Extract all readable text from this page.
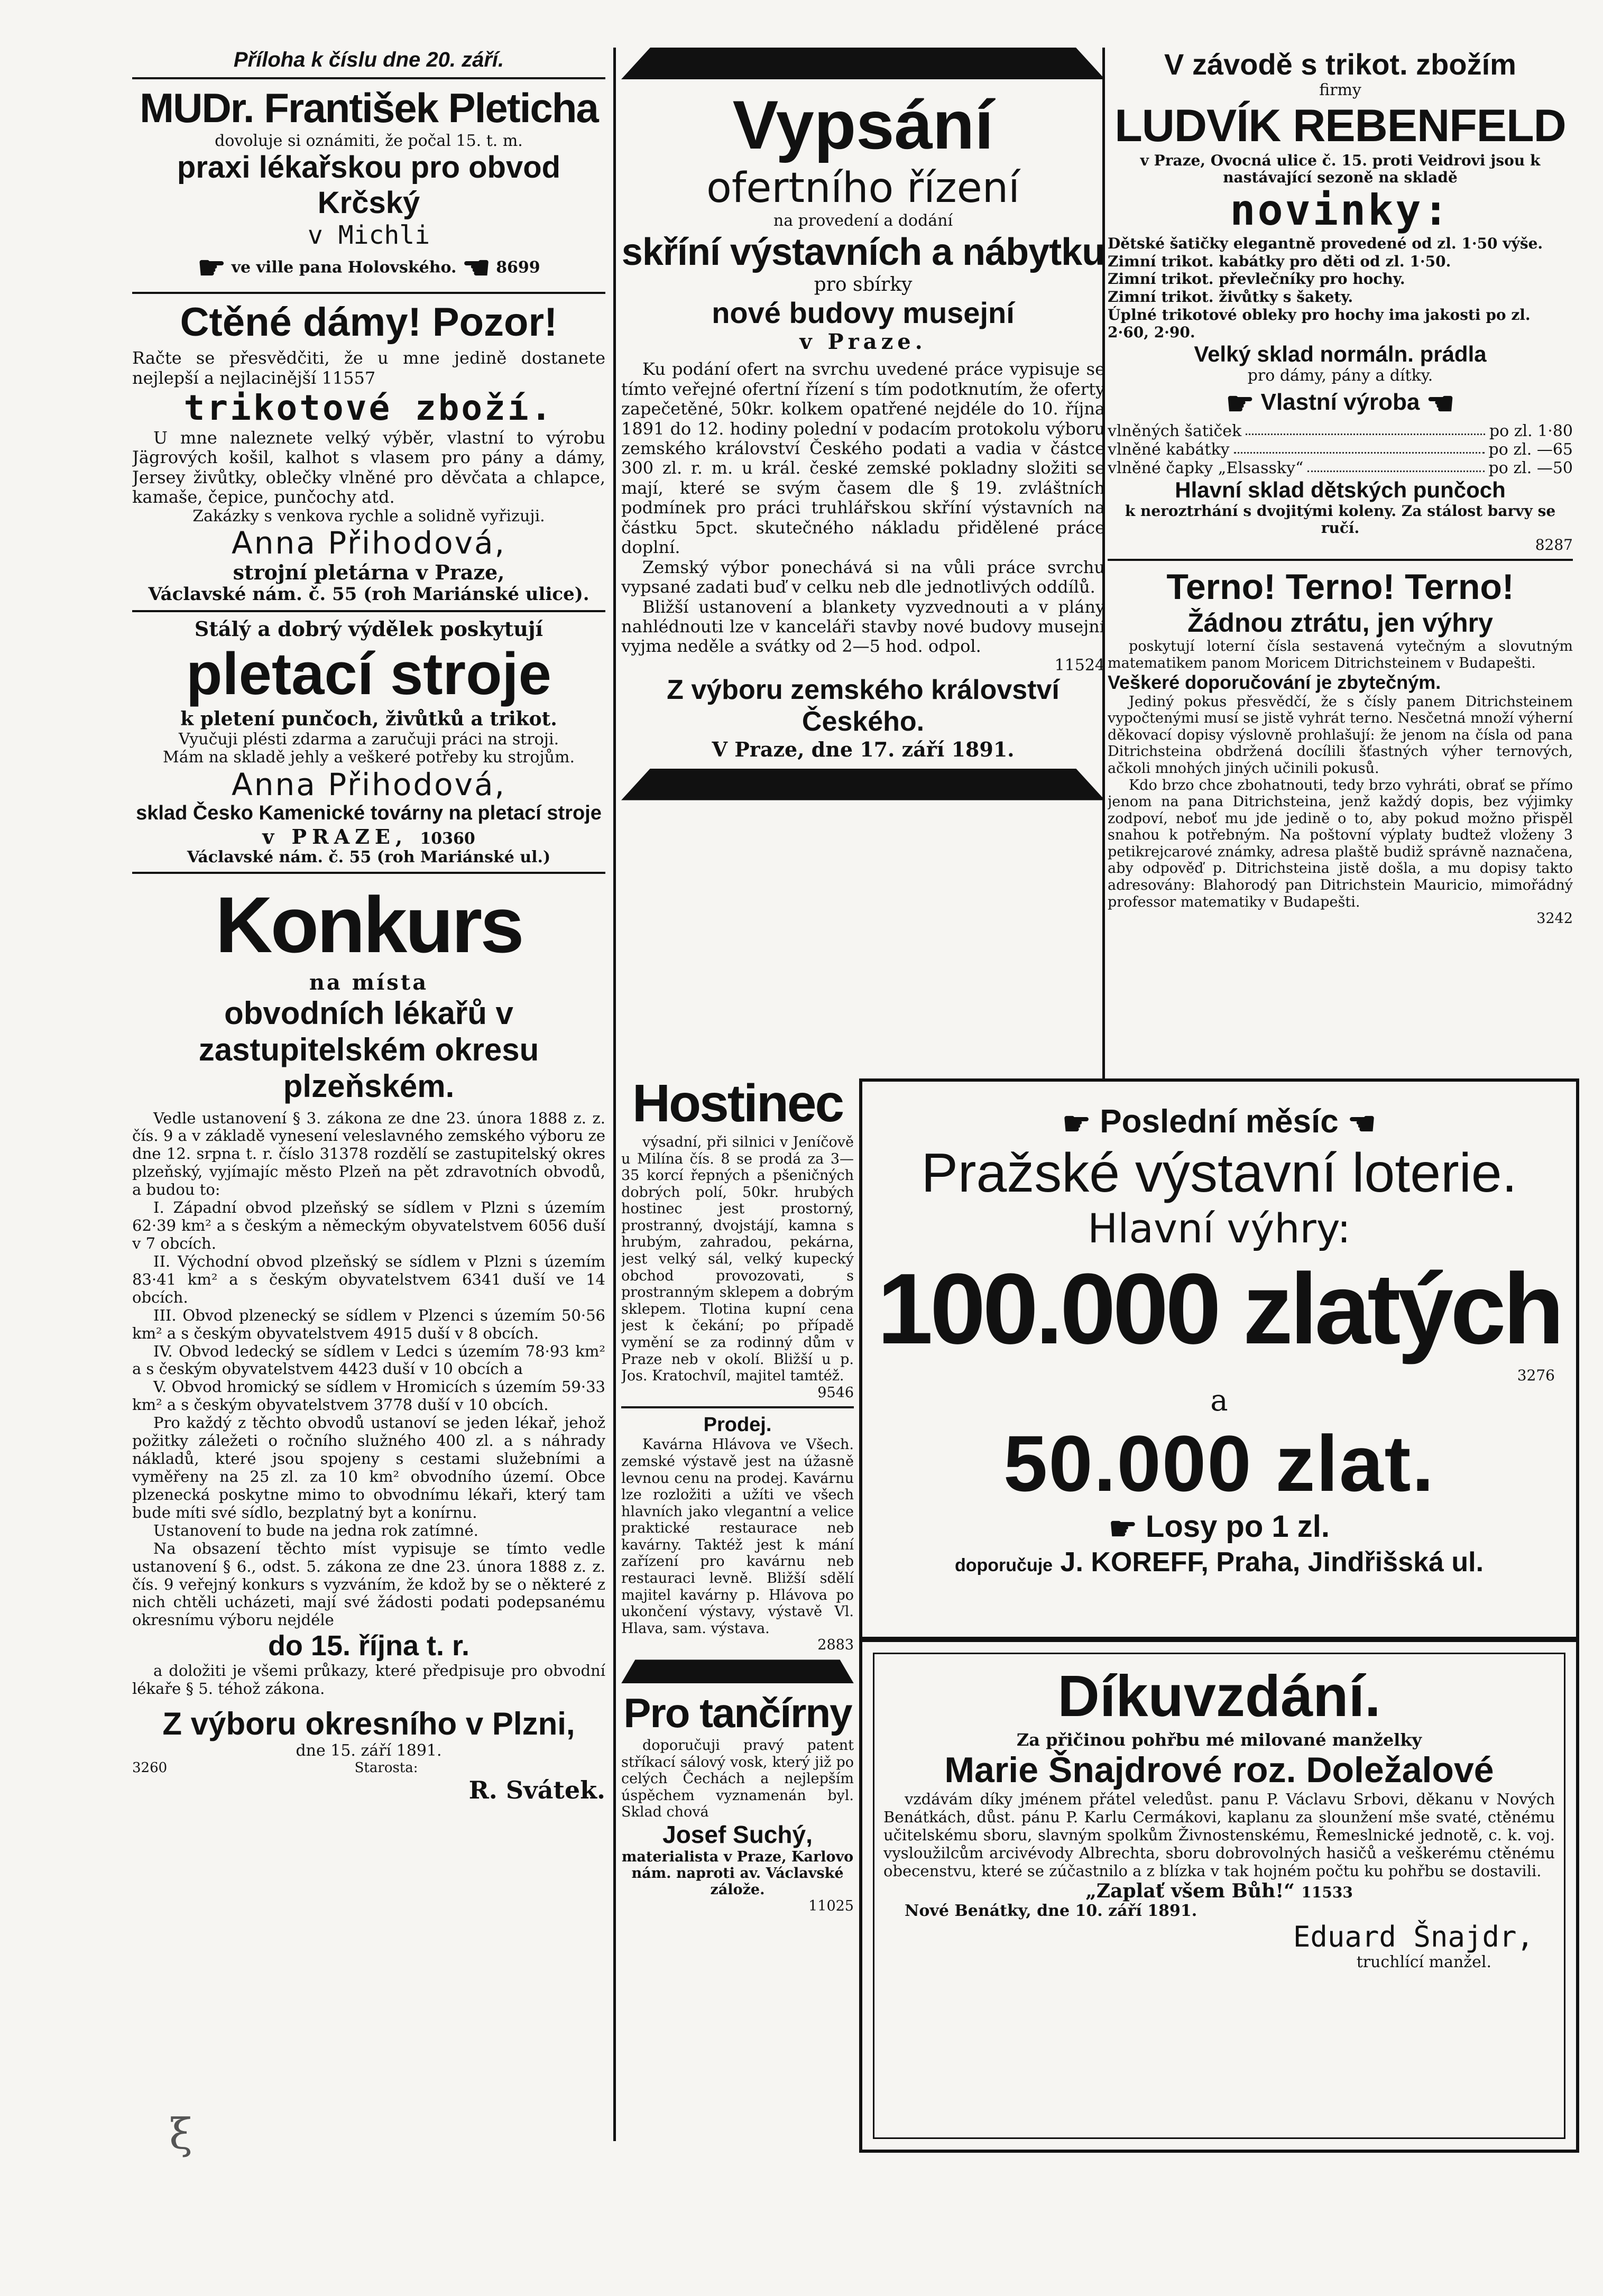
Příloha k číslu dne 20. září.
MUDr. František Pleticha
dovoluje si oznámiti, že počal 15. t. m.
praxi lékařskou pro obvod Krčský
v Michli
☛ ve ville pana Holovského. ☚ 8699
Ctěné dámy! Pozor!
Račte se přesvědčiti, že u mne jedině dostanete nejlepší a nejlacinější 11557
trikotové zboží.

U mne naleznete velký výběr, vlastní to výrobu Jägrových košil, kalhot s vlasem pro pány a dámy, Jersey živůtky, oblečky vlněné pro děvčata a chlapce, kamaše, čepice, punčochy atd.

Zakázky s venkova rychle a solidně vyřizuji.
Anna Přihodová,
strojní pletárna v Praze,
Václavské nám. č. 55 (roh Mariánské ulice).
Stálý a dobrý výdělek poskytují
pletací stroje
k pletení punčoch, živůtků a trikot.
Vyučuji plésti zdarma a zaručuji práci na stroji.
Mám na skladě jehly a veškeré potřeby ku strojům.
Anna Přihodová,
sklad Česko Kamenické továrny na pletací stroje
v PRAZE, 10360
Václavské nám. č. 55 (roh Mariánské ul.)
Konkurs
na místa
obvodních lékařů v zastupitelském okresu plzeňském.

Vedle ustanovení § 3. zákona ze dne 23. února 1888 z. z. čís. 9 a v základě vynesení veleslavného zemského výboru ze dne 12. srpna t. r. číslo 31378 rozdělí se zastupitelský okres plzeňský, vyjímajíc město Plzeň na pět zdravotních obvodů, a budou to:

I. Západní obvod plzeňský se sídlem v Plzni s územím 62·39 km² a s českým a německým obyvatelstvem 6056 duší v 7 obcích.

II. Východní obvod plzeňský se sídlem v Plzni s územím 83·41 km² a s českým obyvatelstvem 6341 duší ve 14 obcích.

III. Obvod plzenecký se sídlem v Plzenci s územím 50·56 km² a s českým obyvatelstvem 4915 duší v 8 obcích.

IV. Obvod ledecký se sídlem v Ledci s územím 78·93 km² a s českým obyvatelstvem 4423 duší v 10 obcích a

V. Obvod hromický se sídlem v Hromicích s územím 59·33 km² a s českým obyvatelstvem 3778 duší v 10 obcích.

Pro každý z těchto obvodů ustanoví se jeden lékař, jehož požitky záležeti o ročního služného 400 zl. a s náhrady nákladů, které jsou spojeny s cestami služebními a vyměřeny na 25 zl. za 10 km² obvodního území. Obce plzenecká poskytne mimo to obvodnímu lékaři, který tam bude míti své sídlo, bezplatný byt a konírnu.

Ustanovení to bude na jedna rok zatímné.

Na obsazení těchto míst vypisuje se tímto vedle ustanovení § 6., odst. 5. zákona ze dne 23. února 1888 z. z. čís. 9 veřejný konkurs s vyzváním, že kdož by se o některé z nich chtěli ucházeti, mají své žádosti podati podepsanému okresnímu výboru nejdéle

do 15. října t. r.

a doložiti je všemi průkazy, které předpisuje pro obvodní lékaře § 5. téhož zákona.

Z výboru okresního v Plzni,
dne 15. září 1891.
3260	Starosta:
R. Svátek.
Vypsání
ofertního řízení
na provedení a dodání
skříní výstavních a nábytku
pro sbírky
nové budovy musejní
v Praze.

Ku podání ofert na svrchu uvedené práce vypisuje se tímto veřejné ofertní řízení s tím podotknutím, že oferty zapečetěné, 50kr. kolkem opatřené nejdéle do 10. října 1891 do 12. hodiny polední v podacím protokolu výboru zemského království Českého podati a vadia v částce 300 zl. r. m. u král. české zemské pokladny složiti se mají, které se svým časem dle § 19. zvláštních podmínek pro práci truhlářskou skříní výstavních na částku 5pct. skutečného nákladu přidělené práce doplní.

Zemský výbor ponechává si na vůli práce svrchu vypsané zadati buď v celku neb dle jednotlivých oddílů.

Bližší ustanovení a blankety vyzvednouti a v plány nahlédnouti lze v kanceláři stavby nové budovy musejní vyjma neděle a svátky od 2—5 hod. odpol.

11524
Z výboru zemského království Českého.
V Praze, dne 17. září 1891.
Hostinec

výsadní, při silnici v Jeníčově u Milína čís. 8 se prodá za 3—35 korcí řepných a pšeničných dobrých polí, 50kr. hrubých hostinec jest prostorný, prostranný, dvojstájí, kamna s hrubým, zahradou, pekárna, jest velký sál, velký kupecký obchod provozovati, s prostranným sklepem a dobrým sklepem. Tlotina kupní cena jest k čekání; po případě vymění se za rodinný dům v Praze neb v okolí. Bližší u p. Jos. Kratochvíl, majitel tamtéž.

9546
Prodej.

Kavárna Hlávova ve Všech. zemské výstavě jest na úžasně levnou cenu na prodej. Kavárnu lze rozložiti a užíti ve všech hlavních jako vlegantní a velice praktické restaurace neb kavárny. Taktéž jest k mání zařízení pro kavárnu neb restauraci levně. Bližší sdělí majitel kavárny p. Hlávova po ukončení výstavy, výstavě Vl. Hlava, sam. výstava.

2883
Pro tančírny

doporučuji pravý patent stříkací sálový vosk, který již po celých Čechách a nejlepším úspěchem vyznamenán byl. Sklad chová

Josef Suchý,
materialista v Praze, Karlovo nám. naproti av. Václavské zálože.
11025
V závodě s trikot. zbožím
firmy
LUDVÍK REBENFELD
v Praze, Ovocná ulice č. 15. proti Veidrovi jsou k nastávající sezoně na skladě
novinky:
Dětské šatičky elegantně provedené od zl. 1·50 výše.
Zimní trikot. kabátky pro děti od zl. 1·50.
Zimní trikot. převlečníky pro hochy.
Zimní trikot. živůtky s šakety.
Úplné trikotové obleky pro hochy ima jakosti po zl. 2·60, 2·90.
Velký sklad normáln. prádla
pro dámy, pány a dítky.
☛ Vlastní výroba ☚
vlněných šatiček	po zl. 1·80
vlněné kabátky	po zl. —65
vlněné čapky „Elsassky“	po zl. —50
Hlavní sklad dětských punčoch
k neroztrhání s dvojitými koleny. Za stálost barvy se ručí.
8287
Terno! Terno! Terno!
Žádnou ztrátu, jen výhry

poskytují loterní čísla sestavená vytečným a slovutným matematikem panom Moricem Ditrichsteinem v Budapešti.

Veškeré doporučování je zbytečným.

Jediný pokus přesvědčí, že s čísly panem Ditrichsteinem vypočtenými musí se jistě vyhrát terno. Nesčetná množí výherní děkovací dopisy výslovně prohlašují: že jenom na čísla od pana Ditrichsteina obdržená docílili šťastných výher ternových, ačkoli mnohých jiných učinili pokusů.

Kdo brzo chce zbohatnouti, tedy brzo vyhráti, obrať se přímo jenom na pana Ditrichsteina, jenž každý dopis, bez výjimky zodpoví, neboť mu jde jedině o to, aby pokud možno přispěl snahou k potřebným. Na poštovní výplaty budtež vloženy 3 petikrejcarové známky, adresa plaště budiž správně naznačena, aby odpověď p. Ditrichsteina jistě došla, a mu dopisy takto adresovány: Blahorodý pan Ditrichstein Mauricio, mimořádný professor matematiky v Budapešti.

3242
☛ Poslední měsíc ☚
Pražské výstavní loterie.
Hlavní výhry:
100.000 zlatých
3276
a
50.000 zlat.
☛ Losy po 1 zl.
doporučuje J. KOREFF, Praha, Jindřišská ul.
Díkuvzdání.
Za přičinou pohřbu mé milované manželky
Marie Šnajdrové roz. Doležalové

vzdávám díky jménem přátel veledůst. panu P. Václavu Srbovi, děkanu v Nových Benátkách, důst. pánu P. Karlu Cermákovi, kaplanu za slounžení mše svaté, ctěnému učitelskému sboru, slavným spolkům Živnostenskému, Řemeslnické jednotě, c. k. voj. vysloužilcům arcivévody Albrechta, sboru dobrovolných hasičů a veškerému ctěnému obecenstvu, které se zúčastnilo a z blízka v tak hojném počtu ku pohřbu se dostavili.

„Zaplať všem Bůh!“ 11533
Nové Benátky, dne 10. září 1891.
Eduard Šnajdr,
truchlící manžel.
ξ
